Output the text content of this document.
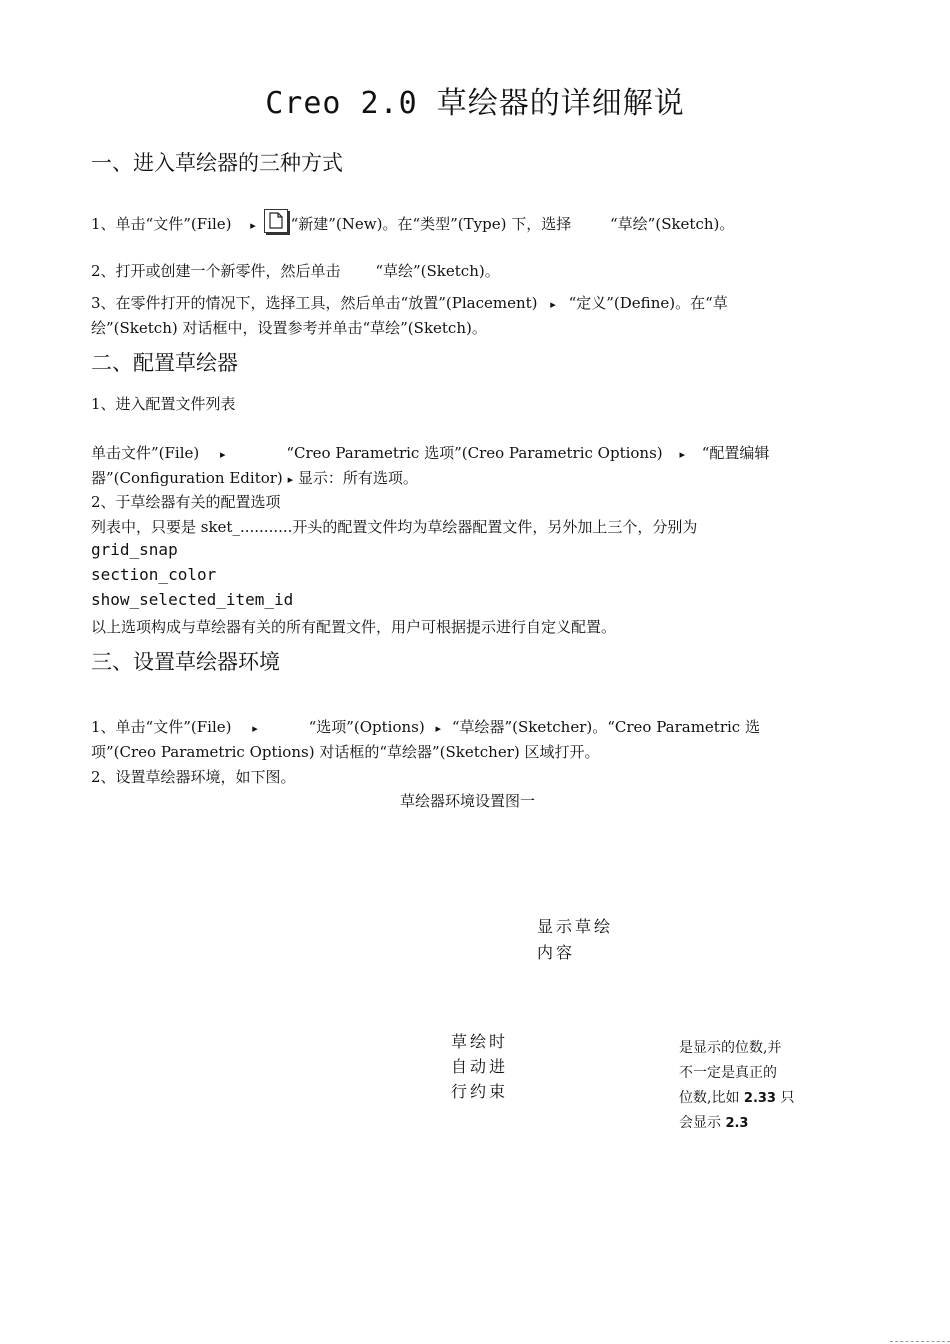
Creo 2.0 草绘器的详细解说
一、进入草绘器的三种方式
1、单击“文件”(File) ▸ “新建”(New)。在“类型”(Type) 下，选择	“草绘”(Sketch)。
2、打开或创建一个新零件，然后单击 “草绘”(Sketch)。
3、在零件打开的情况下，选择工具，然后单击“放置”(Placement) ▸ “定义”(Define)。在“草
绘”(Sketch) 对话框中，设置参考并单击“草绘”(Sketch)。
二、配置草绘器
1、进入配置文件列表
单击文件”(File) ▸	“Creo Parametric 选项”(Creo Parametric Options) ▸ “配置编辑
器”(Configuration Editor) ▸ 显示：所有选项。
2、于草绘器有关的配置选项
列表中，只要是 sket_...........开头的配置文件均为草绘器配置文件，另外加上三个，分别为
grid_snap
section_color
show_selected_item_id
以上选项构成与草绘器有关的所有配置文件，用户可根据提示进行自定义配置。
三、设置草绘器环境
1、单击“文件”(File) ▸	“选项”(Options) ▸ “草绘器”(Sketcher)。“Creo Parametric 选
项”(Creo Parametric Options) 对话框的“草绘器”(Sketcher) 区域打开。
2、设置草绘器环境，如下图。
草绘器环境设置图一
显示草绘
内容
草绘时
自动进
行约束
是显示的位数,并
不一定是真正的
位数,比如 2.33 只
会显示 2.3
